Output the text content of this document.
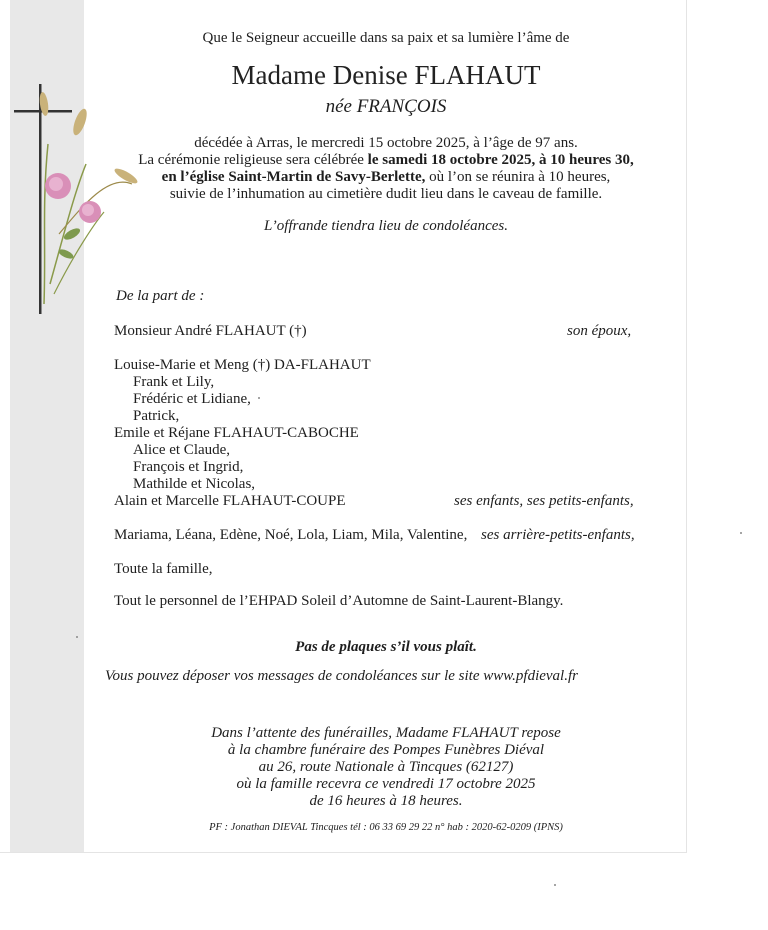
Que le Seigneur accueille dans sa paix et sa lumière l’âme de
Madame Denise FLAHAUT
née FRANÇOIS
décédée à Arras, le mercredi 15 octobre 2025, à l’âge de 97 ans.
La cérémonie religieuse sera célébrée le samedi 18 octobre 2025, à 10 heures 30,
en l’église Saint-Martin de Savy-Berlette, où l’on se réunira à 10 heures,
suivie de l’inhumation au cimetière dudit lieu dans le caveau de famille.
L’offrande tiendra lieu de condoléances.
De la part de :
Monsieur André FLAHAUT (†)	son époux,
Louise-Marie et Meng (†) DA-FLAHAUT
Frank et Lily,
Frédéric et Lidiane,
Patrick,
Emile et Réjane FLAHAUT-CABOCHE
Alice et Claude,
François et Ingrid,
Mathilde et Nicolas,
Alain et Marcelle FLAHAUT-COUPE	ses enfants, ses petits-enfants,
Mariama, Léana, Edène, Noé, Lola, Liam, Mila, Valentine, ses arrière-petits-enfants,
Toute la famille,
Tout le personnel de l’EHPAD Soleil d’Automne de Saint-Laurent-Blangy.
Pas de plaques s’il vous plaît.
Vous pouvez déposer vos messages de condoléances sur le site www.pfdieval.fr
Dans l’attente des funérailles, Madame FLAHAUT repose
à la chambre funéraire des Pompes Funèbres Diéval
au 26, route Nationale à Tincques (62127)
où la famille recevra ce vendredi 17 octobre 2025
de 16 heures à 18 heures.
PF : Jonathan DIEVAL Tincques tél : 06 33 69 29 22 n° hab : 2020-62-0209 (IPNS)
